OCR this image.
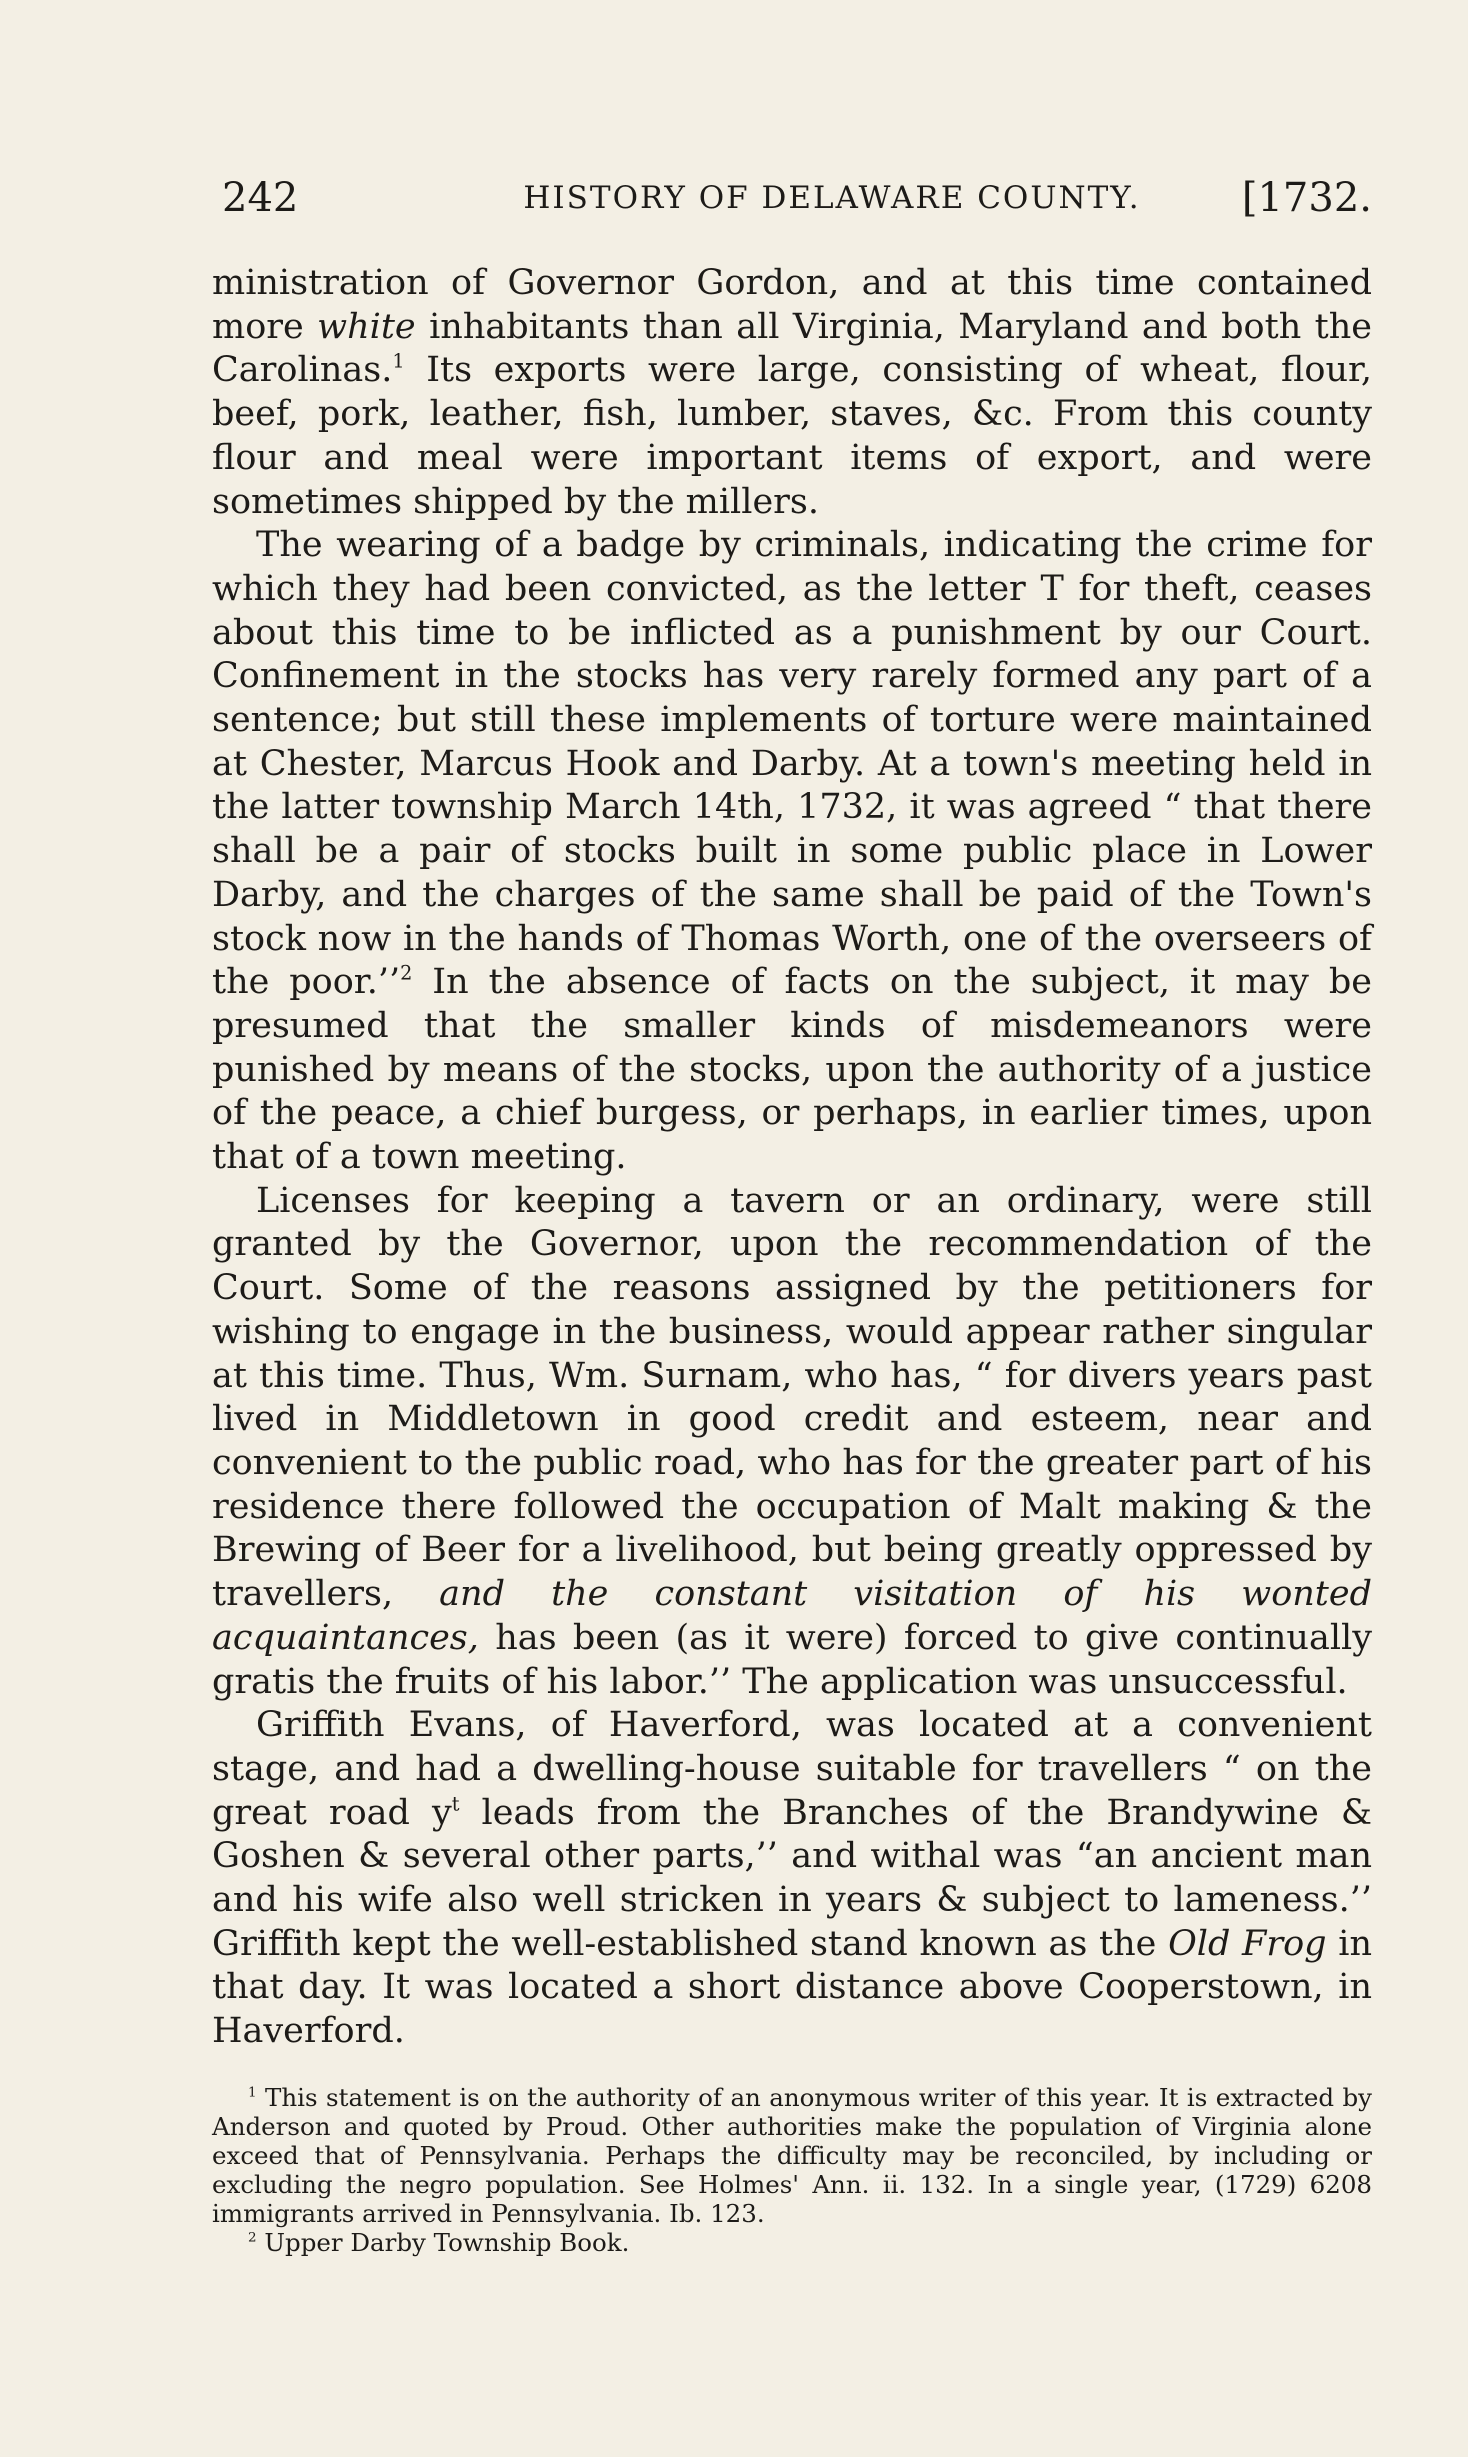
242	HISTORY OF DELAWARE COUNTY.	[1732.

ministration of Governor Gordon, and at this time contained more white inhabitants than all Virginia, Maryland and both the Carolinas.$^1$ Its exports were large, consisting of wheat, flour, beef, pork, leather, fish, lumber, staves, &c. From this county flour and meal were important items of export, and were sometimes shipped by the millers.

The wearing of a badge by criminals, indicating the crime for which they had been convicted, as the letter T for theft, ceases about this time to be inflicted as a punishment by our Court. Confinement in the stocks has very rarely formed any part of a sentence; but still these implements of torture were maintained at Chester, Marcus Hook and Darby. At a town's meeting held in the latter township March 14th, 1732, it was agreed “ that there shall be a pair of stocks built in some public place in Lower Darby, and the charges of the same shall be paid of the Town's stock now in the hands of Thomas Worth, one of the overseers of the poor.’’$^2$ In the absence of facts on the subject, it may be presumed that the smaller kinds of misdemeanors were punished by means of the stocks, upon the authority of a justice of the peace, a chief burgess, or perhaps, in earlier times, upon that of a town meeting.

Licenses for keeping a tavern or an ordinary, were still granted by the Governor, upon the recommendation of the Court. Some of the reasons assigned by the petitioners for wishing to engage in the business, would appear rather singular at this time. Thus, Wm. Surnam, who has, “ for divers years past lived in Middletown in good credit and esteem, near and convenient to the public road, who has for the greater part of his residence there followed the occupation of Malt making & the Brewing of Beer for a livelihood, but being greatly oppressed by travellers, and the constant visitation of his wonted acquaintances, has been (as it were) forced to give continually gratis the fruits of his labor.’’ The application was unsuccessful.

Griffith Evans, of Haverford, was located at a convenient stage, and had a dwelling-house suitable for travellers “ on the great road $y^t$ leads from the Branches of the Brandywine & Goshen & several other parts,’’ and withal was “an ancient man and his wife also well stricken in years & subject to lameness.’’ Griffith kept the well-established stand known as the Old Frog in that day. It was located a short distance above Cooperstown, in Haverford.

$^1$ This statement is on the authority of an anonymous writer of this year. It is extracted by Anderson and quoted by Proud. Other authorities make the population of Virginia alone exceed that of Pennsylvania. Perhaps the difficulty may be reconciled, by including or excluding the negro population. See Holmes' Ann. ii. 132. In a single year, (1729) 6208 immigrants arrived in Pennsylvania. Ib. 123.

$^2$ Upper Darby Township Book.
